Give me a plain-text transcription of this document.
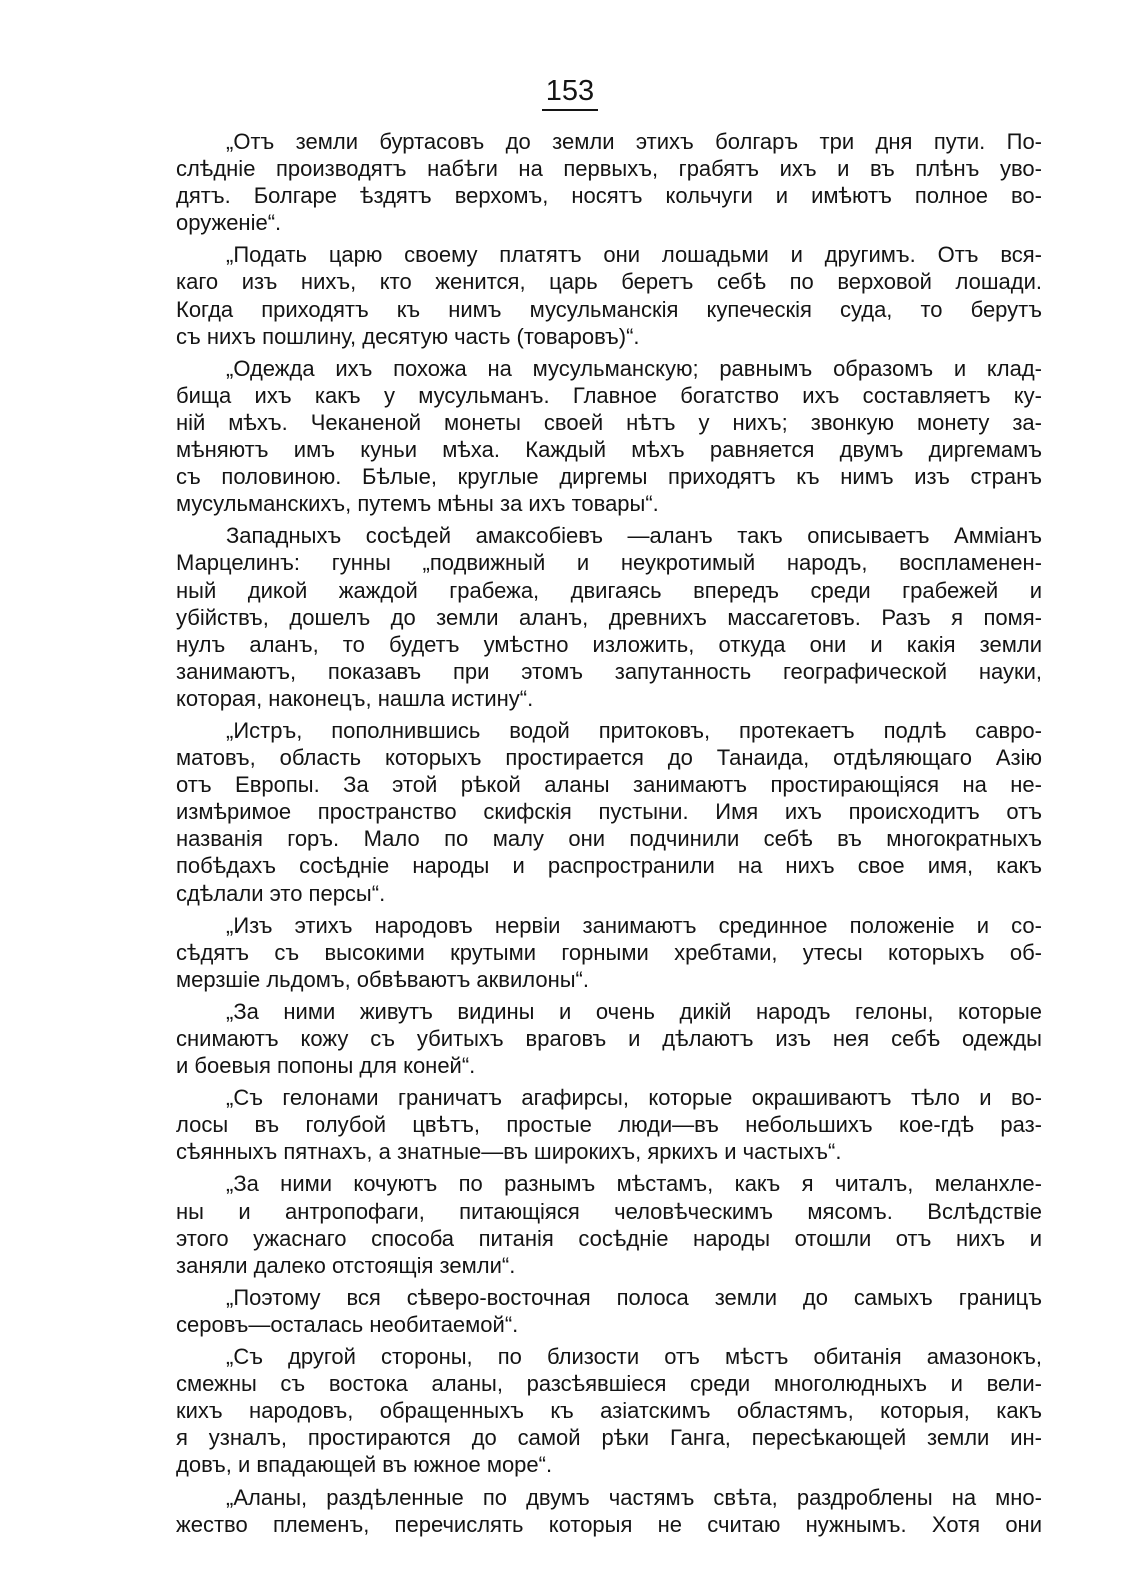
153
„Отъ земли буртасовъ до земли этихъ болгаръ три дня пути. По-
слѣдніе производятъ набѣги на первыхъ, грабятъ ихъ и въ плѣнъ уво-
дятъ. Болгаре ѣздятъ верхомъ, носятъ кольчуги и имѣютъ полное во-
оруженіе“.
„Подать царю своему платятъ они лошадьми и другимъ. Отъ вся-
каго изъ нихъ, кто женится, царь беретъ себѣ по верховой лошади.
Когда приходятъ къ нимъ мусульманскія купеческія суда, то берутъ
съ нихъ пошлину, десятую часть (товаровъ)“.
„Одежда ихъ похожа на мусульманскую; равнымъ образомъ и клад-
бища ихъ какъ у мусульманъ. Главное богатство ихъ составляетъ ку-
ній мѣхъ. Чеканеной монеты своей нѣтъ у нихъ; звонкую монету за-
мѣняютъ имъ куньи мѣха. Каждый мѣхъ равняется двумъ диргемамъ
съ половиною. Бѣлые, круглые диргемы приходятъ къ нимъ изъ странъ
мусульманскихъ, путемъ мѣны за ихъ товары“.
Западныхъ сосѣдей амаксобіевъ —аланъ такъ описываетъ Амміанъ
Марцелинъ: гунны „подвижный и неукротимый народъ, воспламенен-
ный дикой жаждой грабежа, двигаясь впередъ среди грабежей и
убійствъ, дошелъ до земли аланъ, древнихъ массагетовъ. Разъ я помя-
нулъ аланъ, то будетъ умѣстно изложить, откуда они и какія земли
занимаютъ, показавъ при этомъ запутанность географической науки,
которая, наконецъ, нашла истину“.
„Истръ, пополнившись водой притоковъ, протекаетъ подлѣ савро-
матовъ, область которыхъ простирается до Танаида, отдѣляющаго Азію
отъ Европы. За этой рѣкой аланы занимаютъ простирающіяся на не-
измѣримое пространство скифскія пустыни. Имя ихъ происходитъ отъ
названія горъ. Мало по малу они подчинили себѣ въ многократныхъ
побѣдахъ сосѣдніе народы и распространили на нихъ свое имя, какъ
сдѣлали это персы“.
„Изъ этихъ народовъ нервіи занимаютъ срединное положеніе и со-
сѣдятъ съ высокими крутыми горными хребтами, утесы которыхъ об-
мерзшіе льдомъ, обвѣваютъ аквилоны“.
„За ними живутъ видины и очень дикій народъ гелоны, которые
снимаютъ кожу съ убитыхъ враговъ и дѣлаютъ изъ нея себѣ одежды
и боевыя попоны для коней“.
„Съ гелонами граничатъ агафирсы, которые окрашиваютъ тѣло и во-
лосы въ голубой цвѣтъ, простые люди—въ небольшихъ кое-гдѣ раз-
сѣянныхъ пятнахъ, а знатные—въ широкихъ, яркихъ и частыхъ“.
„За ними кочуютъ по разнымъ мѣстамъ, какъ я читалъ, меланхле-
ны и антропофаги, питающіяся человѣческимъ мясомъ. Вслѣдствіе
этого ужаснаго способа питанія сосѣдніе народы отошли отъ нихъ и
заняли далеко отстоящія земли“.
„Поэтому вся сѣверо-восточная полоса земли до самыхъ границъ
серовъ—осталась необитаемой“.
„Съ другой стороны, по близости отъ мѣстъ обитанія амазонокъ,
смежны съ востока аланы, разсѣявшіеся среди многолюдныхъ и вели-
кихъ народовъ, обращенныхъ къ азіатскимъ областямъ, которыя, какъ
я узналъ, простираются до самой рѣки Ганга, пересѣкающей земли ин-
довъ, и впадающей въ южное море“.
„Аланы, раздѣленные по двумъ частямъ свѣта, раздроблены на мно-
жество племенъ, перечислять которыя не считаю нужнымъ. Хотя они
